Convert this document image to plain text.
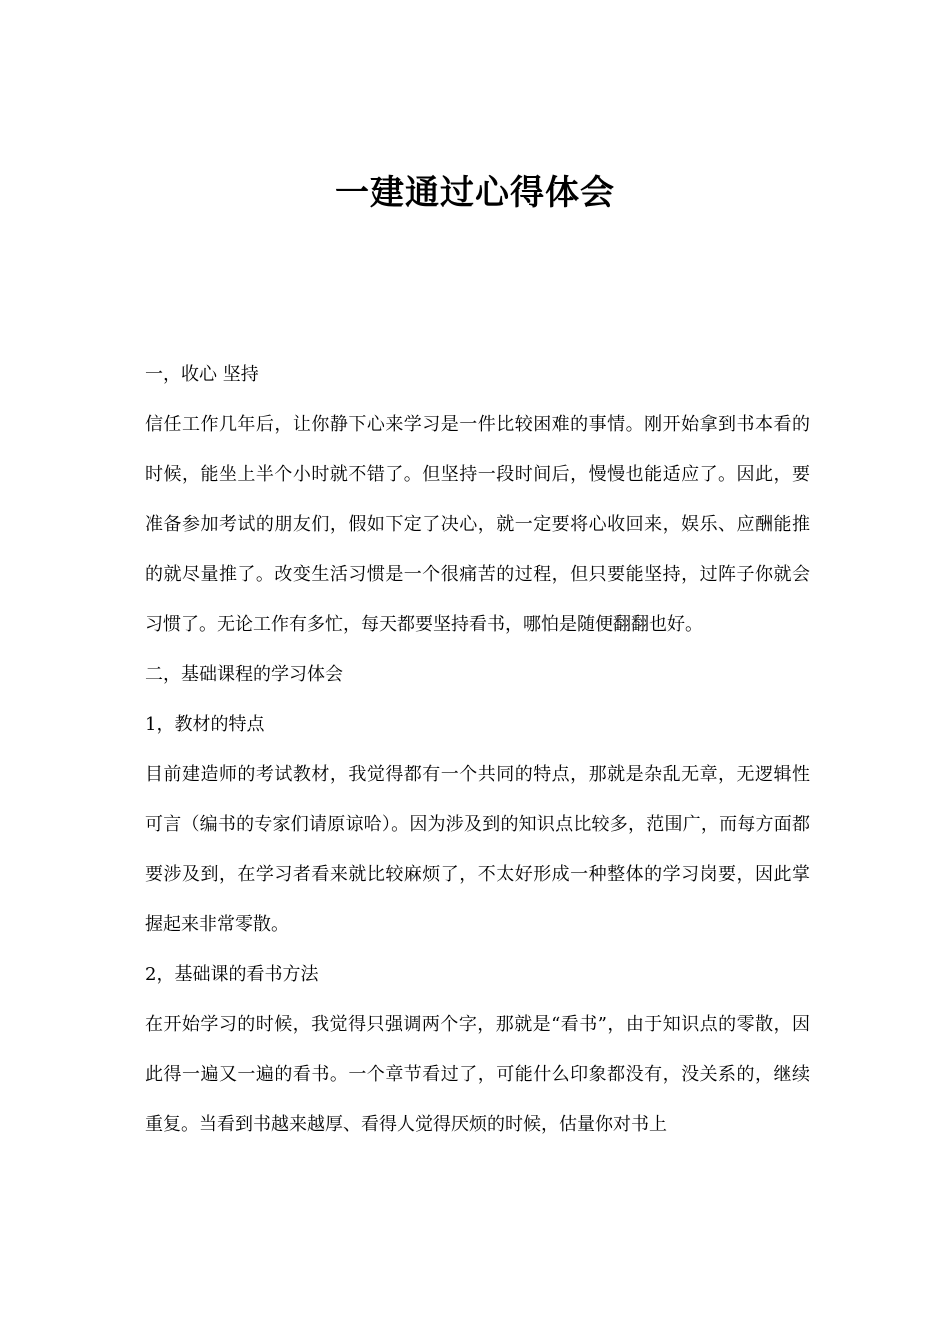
一建通过心得体会

一，收心 坚持

信任工作几年后，让你静下心来学习是一件比较困难的事情。刚开始拿到书本看的时候，能坐上半个小时就不错了。但坚持一段时间后，慢慢也能适应了。因此，要准备参加考试的朋友们，假如下定了决心，就一定要将心收回来，娱乐、应酬能推的就尽量推了。改变生活习惯是一个很痛苦的过程，但只要能坚持，过阵子你就会习惯了。无论工作有多忙，每天都要坚持看书，哪怕是随便翻翻也好。

二，基础课程的学习体会

1，教材的特点

目前建造师的考试教材，我觉得都有一个共同的特点，那就是杂乱无章，无逻辑性可言（编书的专家们请原谅哈）。因为涉及到的知识点比较多，范围广，而每方面都要涉及到，在学习者看来就比较麻烦了，不太好形成一种整体的学习岗要，因此掌握起来非常零散。

2，基础课的看书方法

在开始学习的时候，我觉得只强调两个字，那就是“看书”，由于知识点的零散，因此得一遍又一遍的看书。一个章节看过了，可能什么印象都没有，没关系的，继续重复。当看到书越来越厚、看得人觉得厌烦的时候，估量你对书上
